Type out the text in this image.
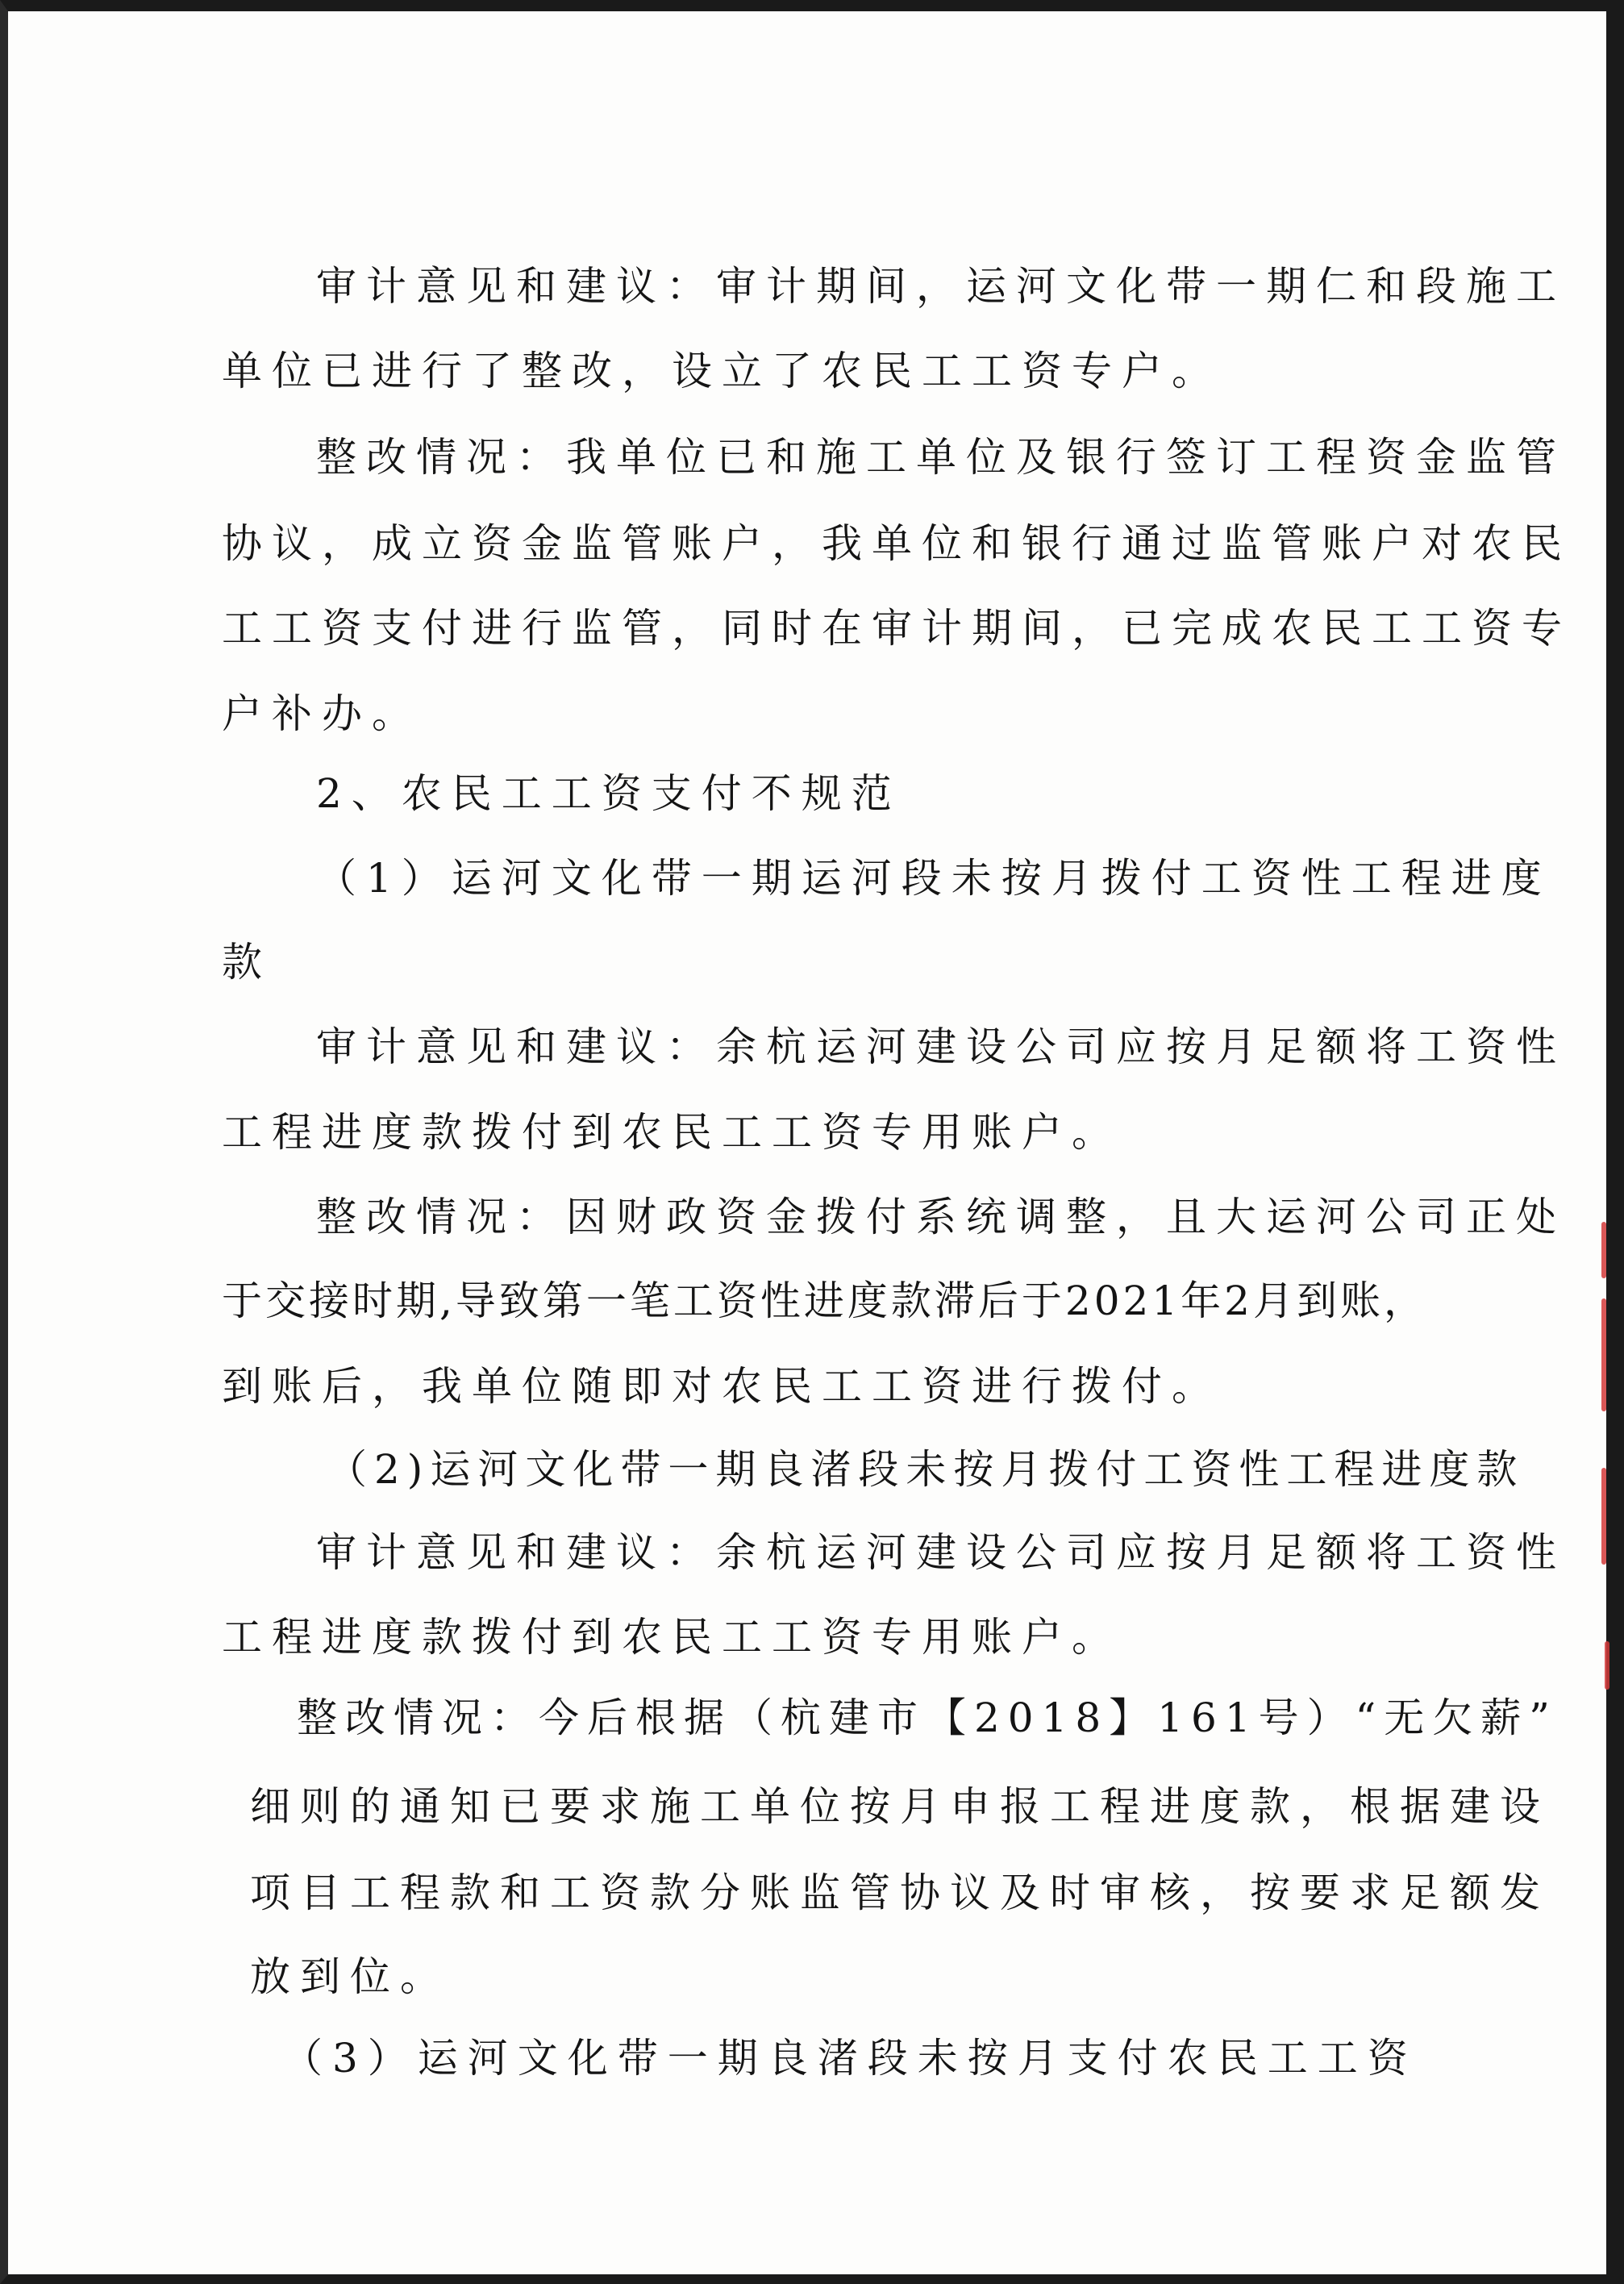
审计意见和建议：审计期间，运河文化带一期仁和段施工

单位已进行了整改，设立了农民工工资专户。

整改情况：我单位已和施工单位及银行签订工程资金监管

协议，成立资金监管账户，我单位和银行通过监管账户对农民

工工资支付进行监管，同时在审计期间，已完成农民工工资专

户补办。

2、农民工工资支付不规范

（1）运河文化带一期运河段未按月拨付工资性工程进度

款

审计意见和建议：余杭运河建设公司应按月足额将工资性

工程进度款拨付到农民工工资专用账户。

整改情况：因财政资金拨付系统调整，且大运河公司正处

于交接时期,导致第一笔工资性进度款滞后于2021年2月到账，

到账后，我单位随即对农民工工资进行拨付。

（2)运河文化带一期良渚段未按月拨付工资性工程进度款

审计意见和建议：余杭运河建设公司应按月足额将工资性

工程进度款拨付到农民工工资专用账户。

整改情况：今后根据（杭建市【2018】161号）“无欠薪”

细则的通知已要求施工单位按月申报工程进度款，根据建设

项目工程款和工资款分账监管协议及时审核，按要求足额发

放到位。

（3）运河文化带一期良渚段未按月支付农民工工资
